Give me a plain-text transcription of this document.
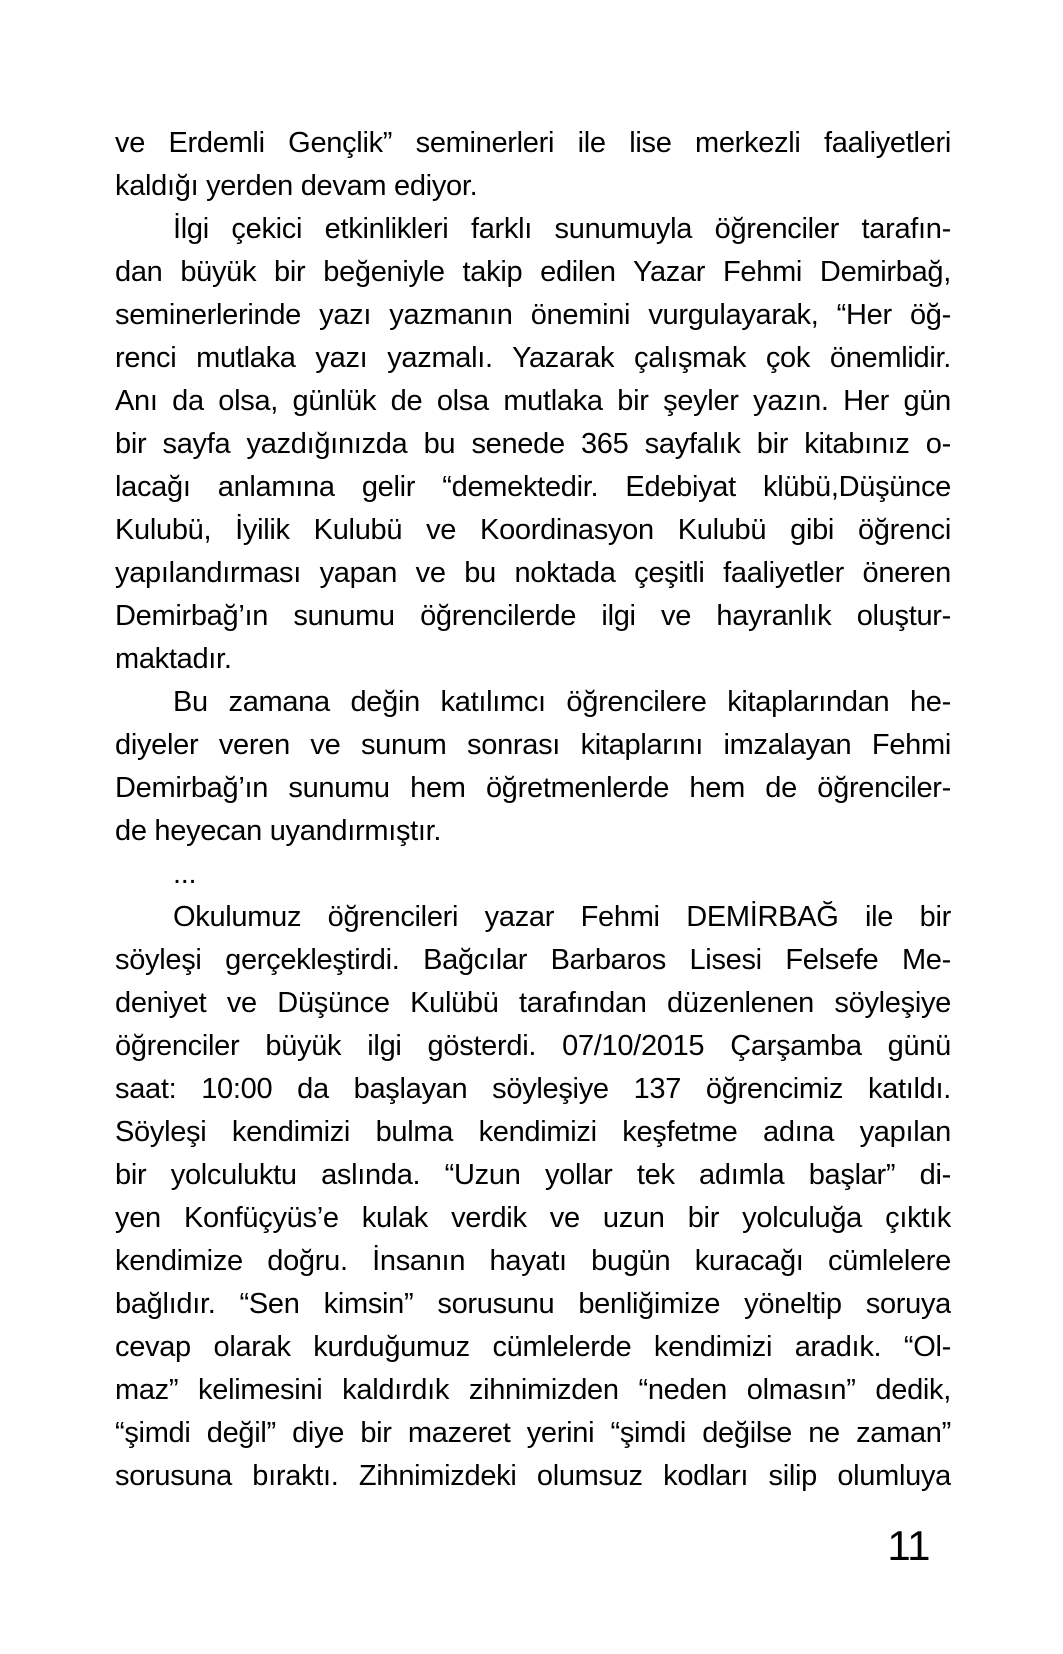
ve Erdemli Gençlik” seminerleri ile lise merkezli faaliyetleri
kaldığı yerden devam ediyor.
İlgi çekici etkinlikleri farklı sunumuyla öğrenciler tarafın-
dan büyük bir beğeniyle takip edilen Yazar Fehmi Demirbağ,
seminerlerinde yazı yazmanın önemini vurgulayarak, “Her öğ-
renci mutlaka yazı yazmalı. Yazarak çalışmak çok önemlidir.
Anı da olsa, günlük de olsa mutlaka bir şeyler yazın. Her gün
bir sayfa yazdığınızda bu senede 365 sayfalık bir kitabınız o-
lacağı anlamına gelir “demektedir. Edebiyat klübü,Düşünce
Kulubü, İyilik Kulubü ve Koordinasyon Kulubü gibi öğrenci
yapılandırması yapan ve bu noktada çeşitli faaliyetler öneren
Demirbağ’ın sunumu öğrencilerde ilgi ve hayranlık oluştur-
maktadır.
Bu zamana değin katılımcı öğrencilere kitaplarından he-
diyeler veren ve sunum sonrası kitaplarını imzalayan Fehmi
Demirbağ’ın sunumu hem öğretmenlerde hem de öğrenciler-
de heyecan uyandırmıştır.
...
Okulumuz öğrencileri yazar Fehmi DEMİRBAĞ ile bir
söyleşi gerçekleştirdi. Bağcılar Barbaros Lisesi Felsefe Me-
deniyet ve Düşünce Kulübü tarafından düzenlenen söyleşiye
öğrenciler büyük ilgi gösterdi. 07/10/2015 Çarşamba günü
saat: 10:00 da başlayan söyleşiye 137 öğrencimiz katıldı.
Söyleşi kendimizi bulma kendimizi keşfetme adına yapılan
bir yolculuktu aslında. “Uzun yollar tek adımla başlar” di-
yen Konfüçyüs’e kulak verdik ve uzun bir yolculuğa çıktık
kendimize doğru. İnsanın hayatı bugün kuracağı cümlelere
bağlıdır. “Sen kimsin” sorusunu benliğimize yöneltip soruya
cevap olarak kurduğumuz cümlelerde kendimizi aradık. “Ol-
maz” kelimesini kaldırdık zihnimizden “neden olmasın” dedik,
“şimdi değil” diye bir mazeret yerini “şimdi değilse ne zaman”
sorusuna bıraktı. Zihnimizdeki olumsuz kodları silip olumluya
11
